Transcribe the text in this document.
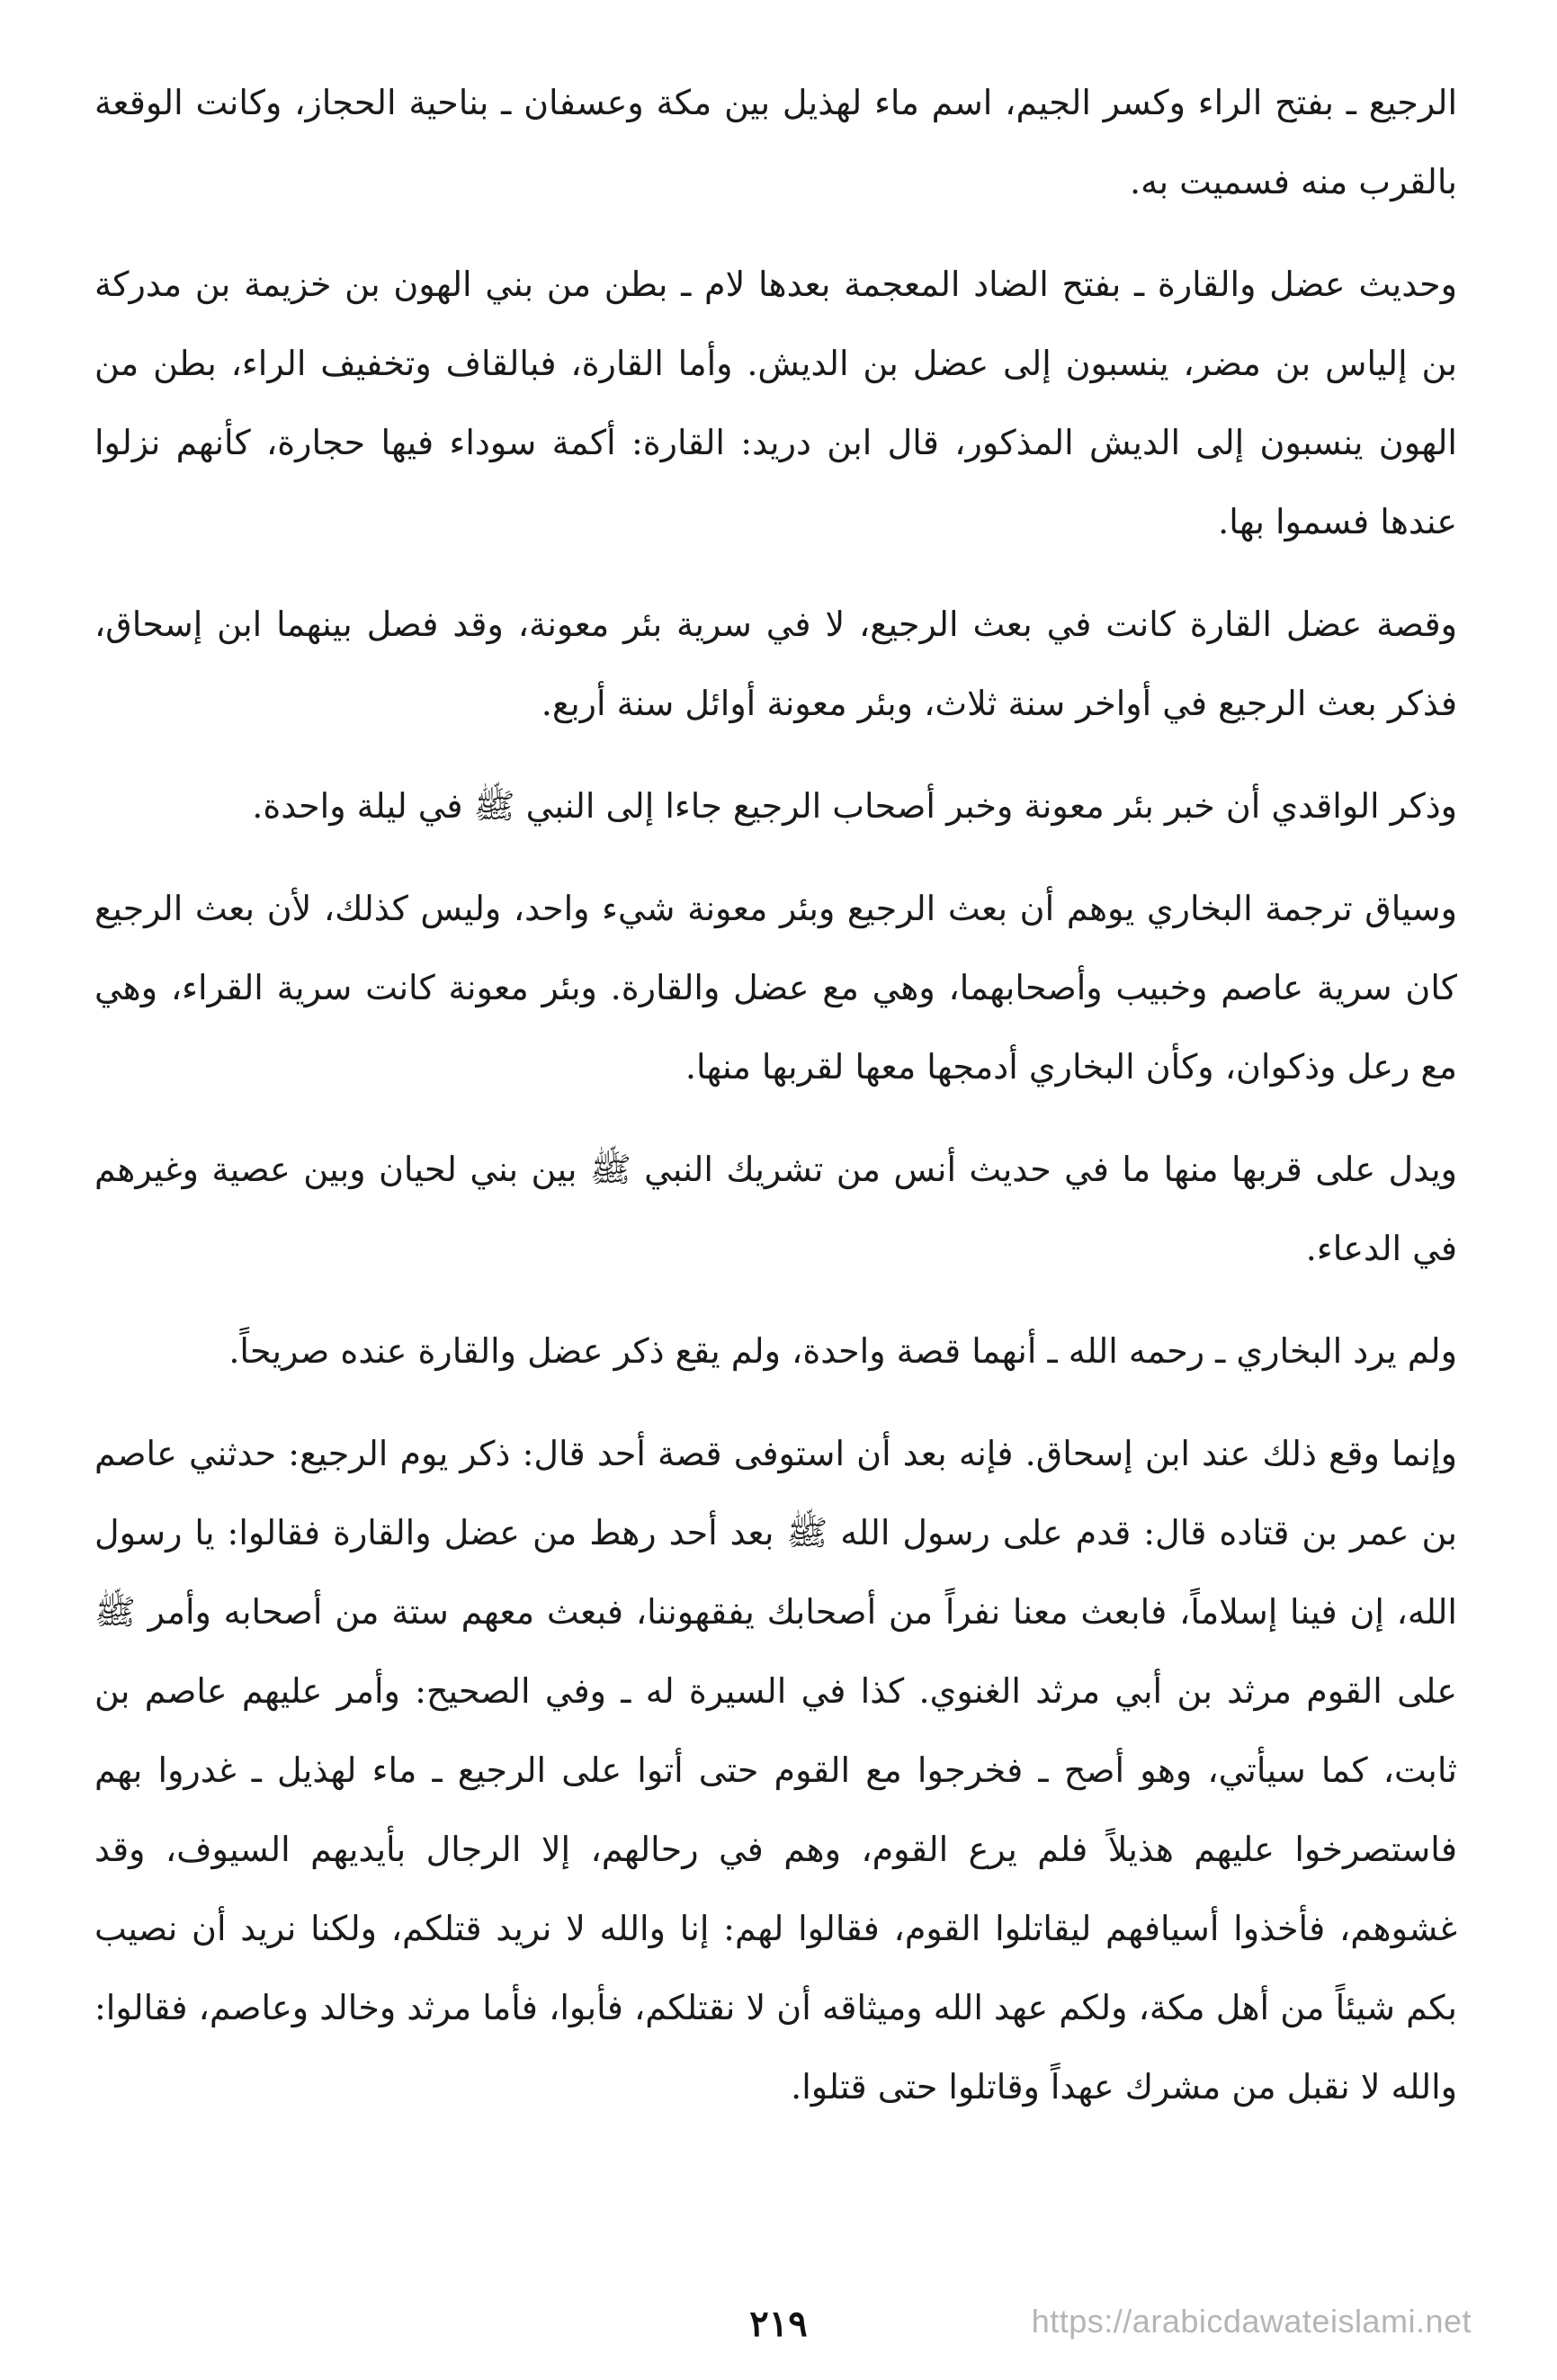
الرجيع ـ بفتح الراء وكسر الجيم، اسم ماء لهذيل بين مكة وعسفان ـ بناحية الحجاز، وكانت الوقعة بالقرب منه فسميت به.

وحديث عضل والقارة ـ بفتح الضاد المعجمة بعدها لام ـ بطن من بني الهون بن خزيمة بن مدركة بن إلياس بن مضر، ينسبون إلى عضل بن الديش. وأما القارة، فبالقاف وتخفيف الراء، بطن من الهون ينسبون إلى الديش المذكور، قال ابن دريد: القارة: أكمة سوداء فيها حجارة، كأنهم نزلوا عندها فسموا بها.

وقصة عضل القارة كانت في بعث الرجيع، لا في سرية بئر معونة، وقد فصل بينهما ابن إسحاق، فذكر بعث الرجيع في أواخر سنة ثلاث، وبئر معونة أوائل سنة أربع.

وذكر الواقدي أن خبر بئر معونة وخبر أصحاب الرجيع جاءا إلى النبي ﷺ في ليلة واحدة.

وسياق ترجمة البخاري يوهم أن بعث الرجيع وبئر معونة شيء واحد، وليس كذلك، لأن بعث الرجيع كان سرية عاصم وخبيب وأصحابهما، وهي مع عضل والقارة. وبئر معونة كانت سرية القراء، وهي مع رعل وذكوان، وكأن البخاري أدمجها معها لقربها منها.

ويدل على قربها منها ما في حديث أنس من تشريك النبي ﷺ بين بني لحيان وبين عصية وغيرهم في الدعاء.

ولم يرد البخاري ـ رحمه الله ـ أنهما قصة واحدة، ولم يقع ذكر عضل والقارة عنده صريحاً.

وإنما وقع ذلك عند ابن إسحاق. فإنه بعد أن استوفى قصة أحد قال: ذكر يوم الرجيع: حدثني عاصم بن عمر بن قتاده قال: قدم على رسول الله ﷺ بعد أحد رهط من عضل والقارة فقالوا: يا رسول الله، إن فينا إسلاماً، فابعث معنا نفراً من أصحابك يفقهوننا، فبعث معهم ستة من أصحابه وأمر ﷺ على القوم مرثد بن أبي مرثد الغنوي. كذا في السيرة له ـ وفي الصحيح: وأمر عليهم عاصم بن ثابت، كما سيأتي، وهو أصح ـ فخرجوا مع القوم حتى أتوا على الرجيع ـ ماء لهذيل ـ غدروا بهم فاستصرخوا عليهم هذيلاً فلم يرع القوم، وهم في رحالهم، إلا الرجال بأيديهم السيوف، وقد غشوهم، فأخذوا أسيافهم ليقاتلوا القوم، فقالوا لهم: إنا والله لا نريد قتلكم، ولكنا نريد أن نصيب بكم شيئاً من أهل مكة، ولكم عهد الله وميثاقه أن لا نقتلكم، فأبوا، فأما مرثد وخالد وعاصم، فقالوا: والله لا نقبل من مشرك عهداً وقاتلوا حتى قتلوا.

٢١٩	https://arabicdawateislami.net
